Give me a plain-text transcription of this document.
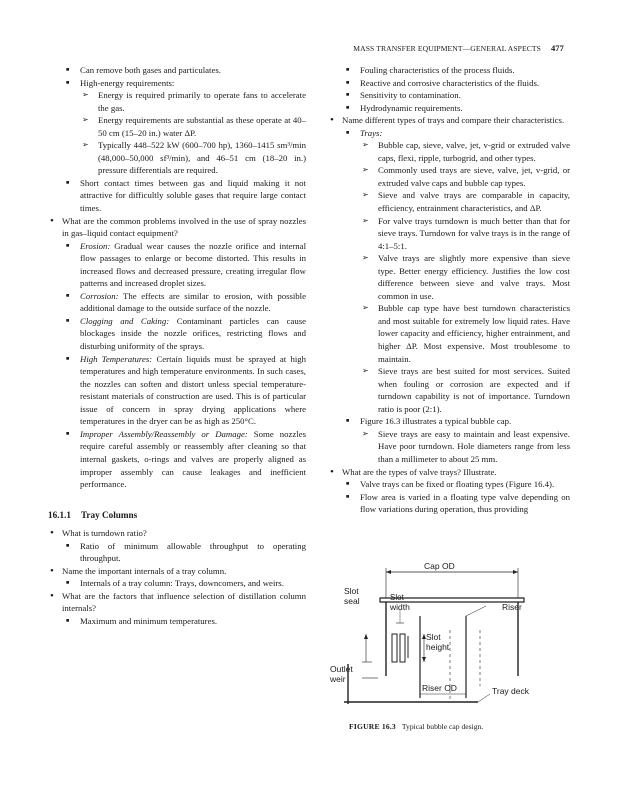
MASS TRANSFER EQUIPMENT—GENERAL ASPECTS 477
■ Can remove both gases and particulates.
■ High-energy requirements:
➢ Energy is required primarily to operate fans to accelerate the gas.
➢ Energy requirements are substantial as these operate at 40–50 cm (15–20 in.) water ΔP.
➢ Typically 448–522 kW (600–700 hp), 1360–1415 sm³/min (48,000–50,000 sf³/min), and 46–51 cm (18–20 in.) pressure differentials are required.
■ Short contact times between gas and liquid making it not attractive for difficultly soluble gases that require large contact times.
• What are the common problems involved in the use of spray nozzles in gas–liquid contact equipment?
■ Erosion: Gradual wear causes the nozzle orifice and internal flow passages to enlarge or become distorted. This results in increased flows and decreased pressure, creating irregular flow patterns and increased droplet sizes.
■ Corrosion: The effects are similar to erosion, with possible additional damage to the outside surface of the nozzle.
■ Clogging and Caking: Contaminant particles can cause blockages inside the nozzle orifices, restricting flows and disturbing uniformity of the sprays.
■ High Temperatures: Certain liquids must be sprayed at high temperatures and high temperature environments. In such cases, the nozzles can soften and distort unless special temperature-resistant materials of construction are used. This is of particular issue of concern in spray drying applications where temperatures in the dryer can be as high as 250°C.
■ Improper Assembly/Reassembly or Damage: Some nozzles require careful assembly or reassembly after cleaning so that internal gaskets, o-rings and valves are properly aligned as improper assembly can cause leakages and inefficient performance.
16.1.1 Tray Columns
• What is turndown ratio?
■ Ratio of minimum allowable throughput to operating throughput.
• Name the important internals of a tray column.
■ Internals of a tray column: Trays, downcomers, and weirs.
• What are the factors that influence selection of distillation column internals?
■ Maximum and minimum temperatures.
■ Fouling characteristics of the process fluids.
■ Reactive and corrosive characteristics of the fluids.
■ Sensitivity to contamination.
■ Hydrodynamic requirements.
• Name different types of trays and compare their characteristics.
■ Trays:
➢ Bubble cap, sieve, valve, jet, v-grid or extruded valve caps, flexi, ripple, turbogrid, and other types.
➢ Commonly used trays are sieve, valve, jet, v-grid, or extruded valve caps and bubble cap types.
➢ Sieve and valve trays are comparable in capacity, efficiency, entrainment characteristics, and ΔP.
➢ For valve trays turndown is much better than that for sieve trays. Turndown for valve trays is in the range of 4:1–5:1.
➢ Valve trays are slightly more expensive than sieve type. Better energy efficiency. Justifies the low cost difference between sieve and valve trays. Most common in use.
➢ Bubble cap type have best turndown characteristics and most suitable for extremely low liquid rates. Have lower capacity and efficiency, higher entrainment, and higher ΔP. Most expensive. Most troublesome to maintain.
➢ Sieve trays are best suited for most services. Suited when fouling or corrosion are expected and if turndown capability is not of importance. Turndown ratio is poor (2:1).
■ Figure 16.3 illustrates a typical bubble cap.
➢ Sieve trays are easy to maintain and least expensive. Have poor turndown. Hole diameters range from less than a millimeter to about 25 mm.
• What are the types of valve trays? Illustrate.
■ Valve trays can be fixed or floating types (Figure 16.4).
■ Flow area is varied in a floating type valve depending on flow variations during operation, thus providing
Cap OD
Slot
seal	Slot
width	Riser
Slot
height
Outlet
weir
Riser OD	Tray deck
FIGURE 16.3 Typical bubble cap design.
